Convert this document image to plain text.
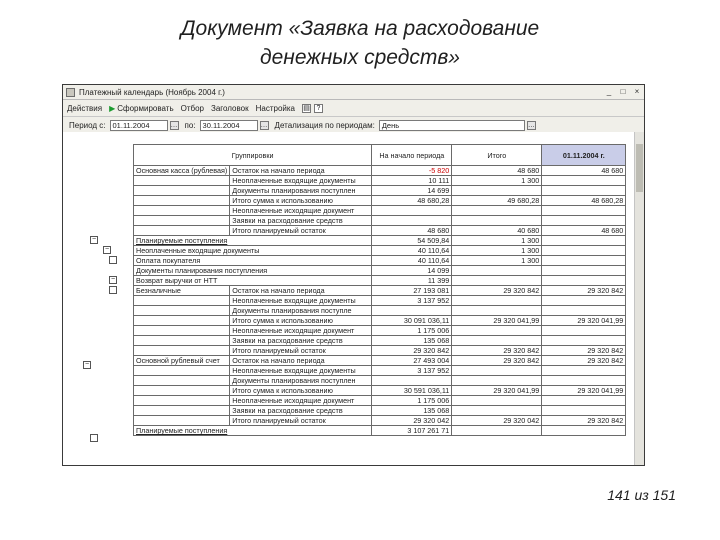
Документ «Заявка на расходование
денежных средств»
Платежный календарь (Ноябрь 2004 г.)	_	□	×
Действия ▶ Сформировать Отбор Заголовок Настройка ▤ ?
Период с: 01.11.2004	… по: 30.11.2004	… Детализация по периодам: День	…
−
−
−
−
Группировки		На начало периода	Итого	01.11.2004 г.
Основная касса (рублевая)	Остаток на начало периода	-5 820	48 680	48 680
	Неоплаченные входящие документы	10 111	1 300	
	Документы планирования поступлен	14 699		
	Итого сумма к использованию	48 680,28	49 680,28	48 680,28
	Неоплаченные исходящие документ			
	Заявки на расходование средств			
	Итого планируемый остаток	48 680	40 680	48 680
Планируемые поступления		54 509,84	1 300	
Неоплаченные входящие документы		40 110,64	1 300	
Оплата покупателя		40 110,64	1 300	
Документы планирования поступления		14 099		
Возврат выручки от НТТ		11 399		
Безналичные	Остаток на начало периода	27 193 081	29 320 842	29 320 842
	Неоплаченные входящие документы	3 137 952		
	Документы планирования поступле			
	Итого сумма к использованию	30 091 036,11	29 320 041,99	29 320 041,99
	Неоплаченные исходящие документ	1 175 006		
	Заявки на расходование средств	135 068		
	Итого планируемый остаток	29 320 842	29 320 842	29 320 842
Основной рублевый счет	Остаток на начало периода	27 493 004	29 320 842	29 320 842
	Неоплаченные входящие документы	3 137 952		
	Документы планирования поступлен			
	Итого сумма к использованию	30 591 036,11	29 320 041,99	29 320 041,99
	Неоплаченные исходящие документ	1 175 006		
	Заявки на расходование средств	135 068		
	Итого планируемый остаток	29 320 042	29 320 042	29 320 842
Планируемые поступления		3 107 261 71		
141 из 151
